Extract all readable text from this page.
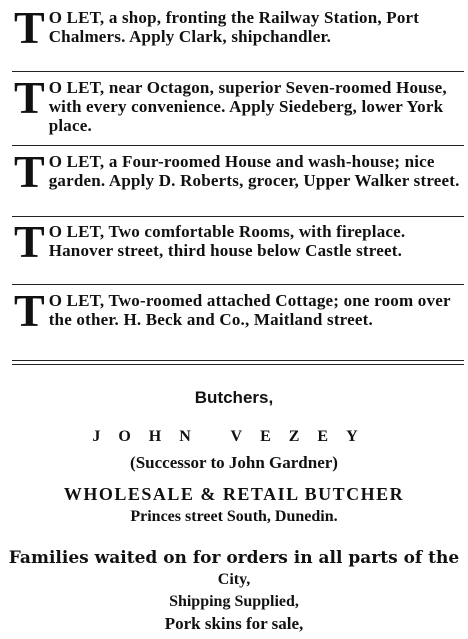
T O LET, a shop, fronting the Railway Station, Port Chalmers. Apply Clark, shipchandler.
T O LET, near Octagon, superior Seven-roomed House, with every convenience. Apply Siedeberg, lower York place.
T O LET, a Four-roomed House and wash-house; nice garden. Apply D. Roberts, grocer, Upper Walker street.
T O LET, Two comfortable Rooms, with fireplace. Hanover street, third house below Castle street.
T O LET, Two-roomed attached Cottage; one room over the other. H. Beck and Co., Maitland street.
Butchers,
JOHN VEZEY
(Successor to John Gardner)
WHOLESALE & RETAIL BUTCHER
Princes street South, Dunedin.
Families waited on for orders in all parts of the
City,
Shipping Supplied,
Pork skins for sale,
